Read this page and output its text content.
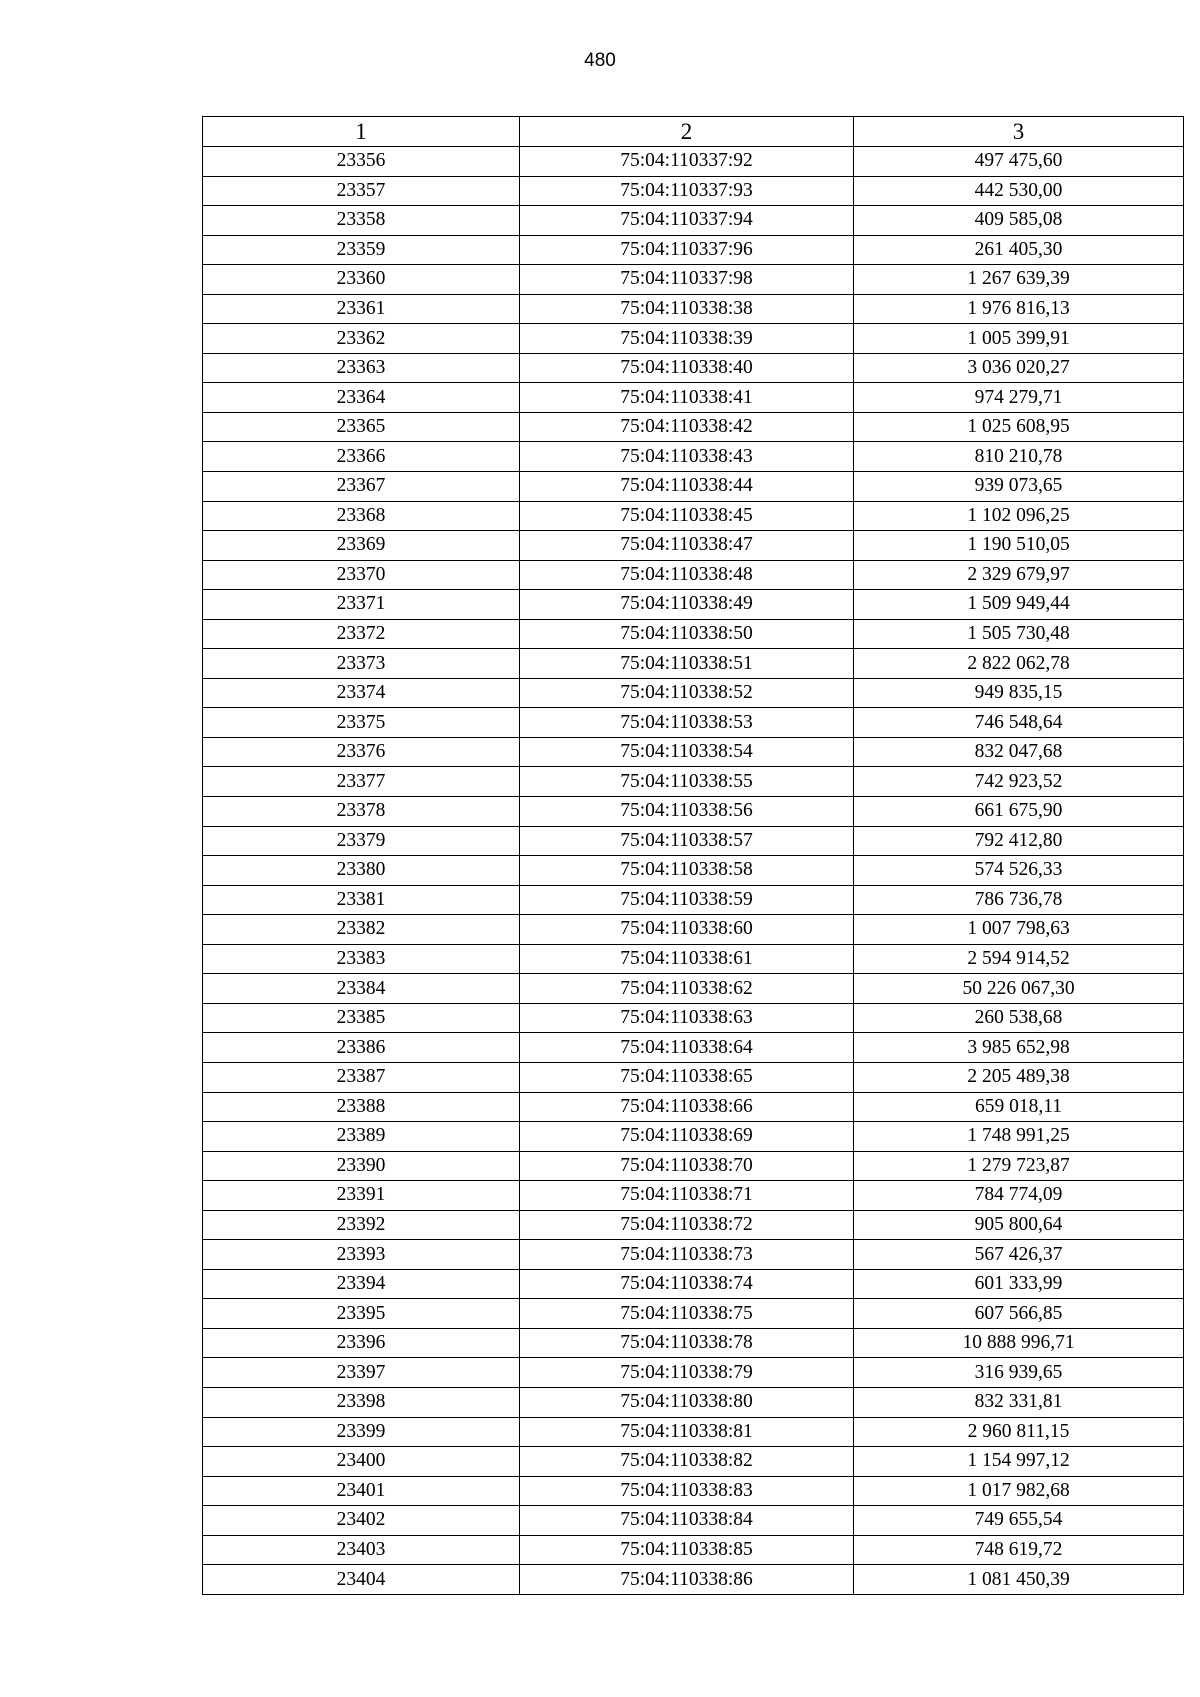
480
1	2	3
23356	75:04:110337:92	497 475,60
23357	75:04:110337:93	442 530,00
23358	75:04:110337:94	409 585,08
23359	75:04:110337:96	261 405,30
23360	75:04:110337:98	1 267 639,39
23361	75:04:110338:38	1 976 816,13
23362	75:04:110338:39	1 005 399,91
23363	75:04:110338:40	3 036 020,27
23364	75:04:110338:41	974 279,71
23365	75:04:110338:42	1 025 608,95
23366	75:04:110338:43	810 210,78
23367	75:04:110338:44	939 073,65
23368	75:04:110338:45	1 102 096,25
23369	75:04:110338:47	1 190 510,05
23370	75:04:110338:48	2 329 679,97
23371	75:04:110338:49	1 509 949,44
23372	75:04:110338:50	1 505 730,48
23373	75:04:110338:51	2 822 062,78
23374	75:04:110338:52	949 835,15
23375	75:04:110338:53	746 548,64
23376	75:04:110338:54	832 047,68
23377	75:04:110338:55	742 923,52
23378	75:04:110338:56	661 675,90
23379	75:04:110338:57	792 412,80
23380	75:04:110338:58	574 526,33
23381	75:04:110338:59	786 736,78
23382	75:04:110338:60	1 007 798,63
23383	75:04:110338:61	2 594 914,52
23384	75:04:110338:62	50 226 067,30
23385	75:04:110338:63	260 538,68
23386	75:04:110338:64	3 985 652,98
23387	75:04:110338:65	2 205 489,38
23388	75:04:110338:66	659 018,11
23389	75:04:110338:69	1 748 991,25
23390	75:04:110338:70	1 279 723,87
23391	75:04:110338:71	784 774,09
23392	75:04:110338:72	905 800,64
23393	75:04:110338:73	567 426,37
23394	75:04:110338:74	601 333,99
23395	75:04:110338:75	607 566,85
23396	75:04:110338:78	10 888 996,71
23397	75:04:110338:79	316 939,65
23398	75:04:110338:80	832 331,81
23399	75:04:110338:81	2 960 811,15
23400	75:04:110338:82	1 154 997,12
23401	75:04:110338:83	1 017 982,68
23402	75:04:110338:84	749 655,54
23403	75:04:110338:85	748 619,72
23404	75:04:110338:86	1 081 450,39
